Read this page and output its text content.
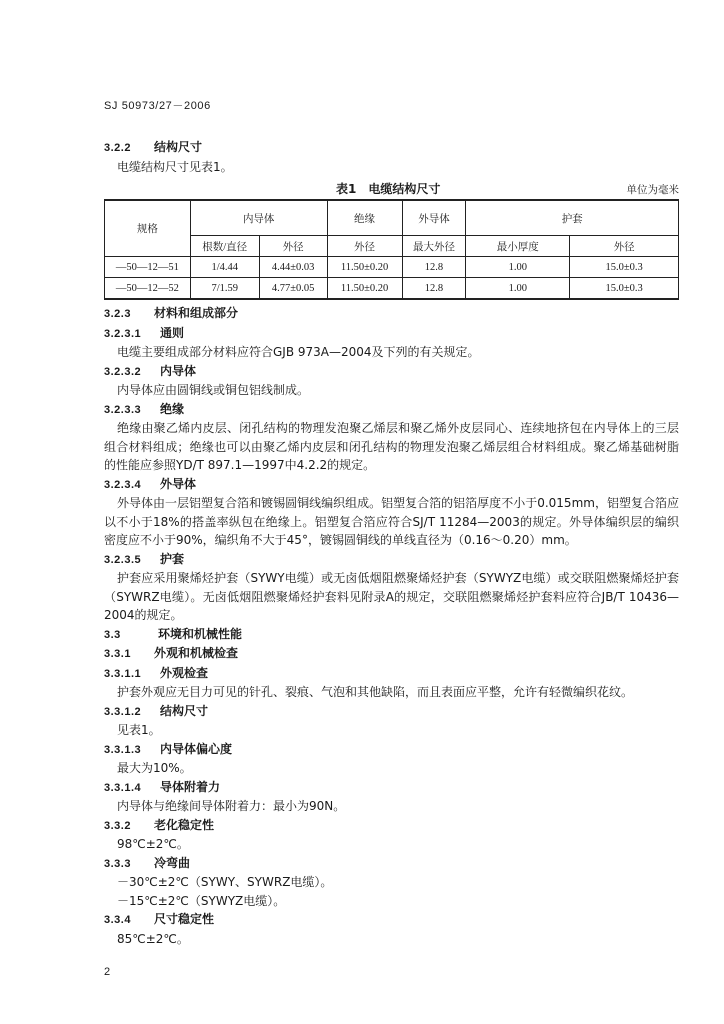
SJ 50973/27－2006
3.2.2 结构尺寸
电缆结构尺寸见表1。
表1　电缆结构尺寸	单位为毫米
规格	内导体		绝缘	外导体	护套	
	根数/直径	外径	外径	最大外径	最小厚度	外径
—50—12—51	1/4.44	4.44±0.03	11.50±0.20	12.8	1.00	15.0±0.3
—50—12—52	7/1.59	4.77±0.05	11.50±0.20	12.8	1.00	15.0±0.3
3.2.3 材料和组成部分
3.2.3.1 通则
电缆主要组成部分材料应符合GJB 973A—2004及下列的有关规定。
3.2.3.2 内导体
内导体应由圆铜线或铜包铝线制成。
3.2.3.3 绝缘
绝缘由聚乙烯内皮层、闭孔结构的物理发泡聚乙烯层和聚乙烯外皮层同心、连续地挤包在内导体上的三层组合材料组成；绝缘也可以由聚乙烯内皮层和闭孔结构的物理发泡聚乙烯层组合材料组成。聚乙烯基础树脂的性能应参照YD/T 897.1—1997中4.2.2的规定。
3.2.3.4 外导体
外导体由一层铝塑复合箔和镀锡圆铜线编织组成。铝塑复合箔的铝箔厚度不小于0.015mm，铝塑复合箔应以不小于18%的搭盖率纵包在绝缘上。铝塑复合箔应符合SJ/T 11284—2003的规定。外导体编织层的编织密度应不小于90%，编织角不大于45°，镀锡圆铜线的单线直径为（0.16～0.20）mm。
3.2.3.5 护套
护套应采用聚烯烃护套（SYWY电缆）或无卤低烟阻燃聚烯烃护套（SYWYZ电缆）或交联阻燃聚烯烃护套（SYWRZ电缆）。无卤低烟阻燃聚烯烃护套料见附录A的规定，交联阻燃聚烯烃护套料应符合JB/T 10436—2004的规定。
3.3	环境和机械性能
3.3.1 外观和机械检查
3.3.1.1 外观检查
护套外观应无目力可见的针孔、裂痕、气泡和其他缺陷，而且表面应平整，允许有轻微编织花纹。
3.3.1.2 结构尺寸
见表1。
3.3.1.3 内导体偏心度
最大为10%。
3.3.1.4 导体附着力
内导体与绝缘间导体附着力：最小为90N。
3.3.2 老化稳定性
98℃±2℃。
3.3.3 冷弯曲
－30℃±2℃（SYWY、SYWRZ电缆）。
－15℃±2℃（SYWYZ电缆）。
3.3.4 尺寸稳定性
85℃±2℃。
2
